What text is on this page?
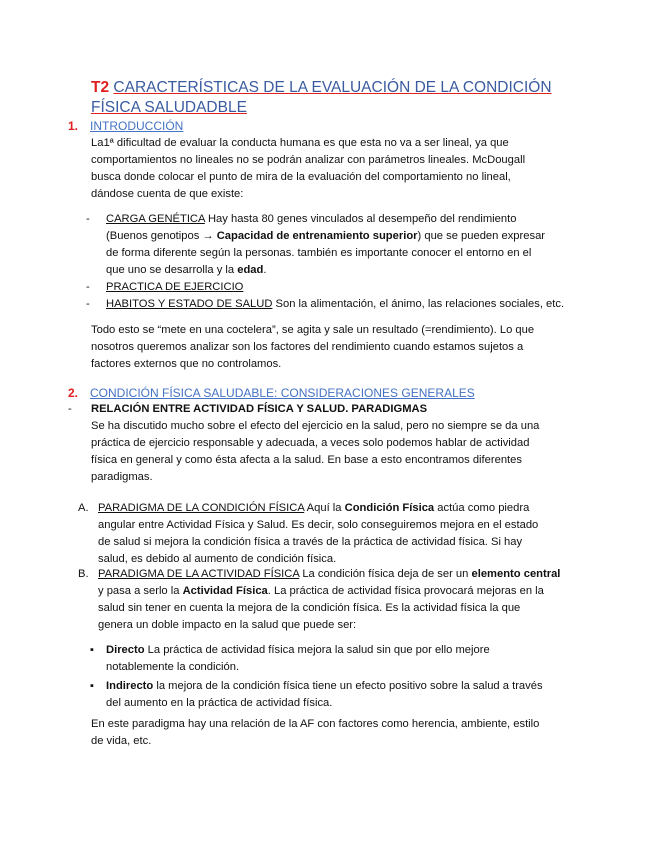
T2 CARACTERÍSTICAS DE LA EVALUACIÓN DE LA CONDICIÓN FÍSICA SALUDADBLE
1. INTRODUCCIÓN
La1ª dificultad de evaluar la conducta humana es que esta no va a ser lineal, ya que
comportamientos no lineales no se podrán analizar con parámetros lineales. McDougall
busca donde colocar el punto de mira de la evaluación del comportamiento no lineal,
dándose cuenta de que existe:
- CARGA GENÉTICA Hay hasta 80 genes vinculados al desempeño del rendimiento
(Buenos genotipos → Capacidad de entrenamiento superior) que se pueden expresar
de forma diferente según la personas. también es importante conocer el entorno en el
que uno se desarrolla y la edad.
- PRACTICA DE EJERCICIO
- HABITOS Y ESTADO DE SALUD Son la alimentación, el ánimo, las relaciones sociales, etc.
Todo esto se “mete en una coctelera”, se agita y sale un resultado (=rendimiento). Lo que
nosotros queremos analizar son los factores del rendimiento cuando estamos sujetos a
factores externos que no controlamos.
2. CONDICIÓN FÍSICA SALUDABLE: CONSIDERACIONES GENERALES
- RELACIÓN ENTRE ACTIVIDAD FÍSICA Y SALUD. PARADIGMAS
Se ha discutido mucho sobre el efecto del ejercicio en la salud, pero no siempre se da una
práctica de ejercicio responsable y adecuada, a veces solo podemos hablar de actividad
física en general y como ésta afecta a la salud. En base a esto encontramos diferentes
paradigmas.
A. PARADIGMA DE LA CONDICIÓN FÍSICA Aquí la Condición Física actúa como piedra
angular entre Actividad Física y Salud. Es decir, solo conseguiremos mejora en el estado
de salud si mejora la condición física a través de la práctica de actividad física. Si hay
salud, es debido al aumento de condición física.
B. PARADIGMA DE LA ACTIVIDAD FÍSICA La condición física deja de ser un elemento central
y pasa a serlo la Actividad Física. La práctica de actividad física provocará mejoras en la
salud sin tener en cuenta la mejora de la condición física. Es la actividad física la que
genera un doble impacto en la salud que puede ser:
▪ Directo La práctica de actividad física mejora la salud sin que por ello mejore
notablemente la condición.
▪ Indirecto la mejora de la condición física tiene un efecto positivo sobre la salud a través
del aumento en la práctica de actividad física.
En este paradigma hay una relación de la AF con factores como herencia, ambiente, estilo
de vida, etc.
